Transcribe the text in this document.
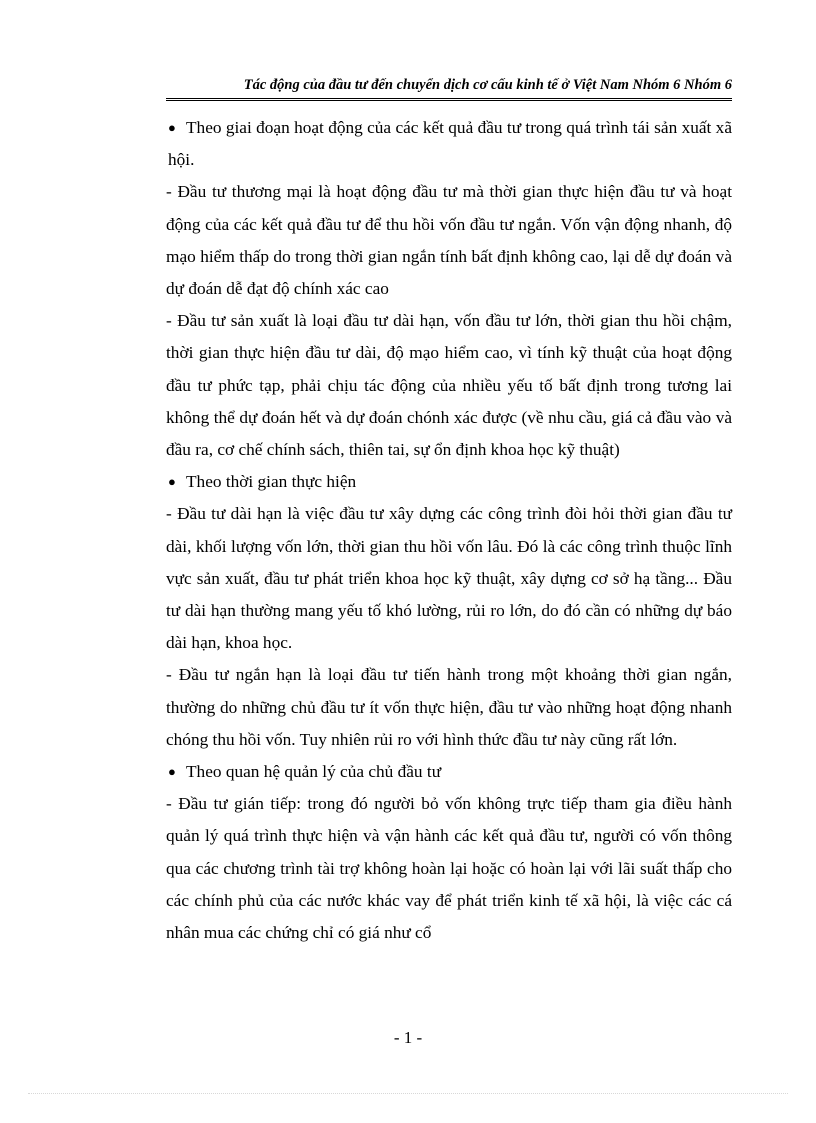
Tác động của đầu tư đến chuyển dịch cơ cấu kinh tế ở Việt Nam Nhóm 6 Nhóm 6

● Theo giai đoạn hoạt động của các kết quả đầu tư trong quá trình tái sản xuất xã hội.

- Đầu tư thương mại là hoạt động đầu tư mà thời gian thực hiện đầu tư và hoạt động của các kết quả đầu tư để thu hồi vốn đầu tư ngắn. Vốn vận động nhanh, độ mạo hiểm thấp do trong thời gian ngắn tính bất định không cao, lại dễ dự đoán và dự đoán dễ đạt độ chính xác cao

- Đầu tư sản xuất là loại đầu tư dài hạn, vốn đầu tư lớn, thời gian thu hồi chậm, thời gian thực hiện đầu tư dài, độ mạo hiểm cao, vì tính kỹ thuật của hoạt động đầu tư phức tạp, phải chịu tác động của nhiều yếu tố bất định trong tương lai không thể dự đoán hết và dự đoán chónh xác được (về nhu cầu, giá cả đầu vào và đầu ra, cơ chế chính sách, thiên tai, sự ổn định khoa học kỹ thuật)

● Theo thời gian thực hiện

- Đầu tư dài hạn là việc đầu tư xây dựng các công trình đòi hỏi thời gian đầu tư dài, khối lượng vốn lớn, thời gian thu hồi vốn lâu. Đó là các công trình thuộc lĩnh vực sản xuất, đầu tư phát triển khoa học kỹ thuật, xây dựng cơ sở hạ tầng... Đầu tư dài hạn thường mang yếu tố khó lường, rủi ro lớn, do đó cần có những dự báo dài hạn, khoa học.

- Đầu tư ngắn hạn là loại đầu tư tiến hành trong một khoảng thời gian ngắn, thường do những chủ đầu tư ít vốn thực hiện, đầu tư vào những hoạt động nhanh chóng thu hồi vốn. Tuy nhiên rủi ro với hình thức đầu tư này cũng rất lớn.

● Theo quan hệ quản lý của chủ đầu tư

- Đầu tư gián tiếp: trong đó người bỏ vốn không trực tiếp tham gia điều hành quản lý quá trình thực hiện và vận hành các kết quả đầu tư, người có vốn thông qua các chương trình tài trợ không hoàn lại hoặc có hoàn lại với lãi suất thấp cho các chính phủ của các nước khác vay để phát triển kinh tế xã hội, là việc các cá nhân mua các chứng chỉ có giá như cổ

- 1 -
